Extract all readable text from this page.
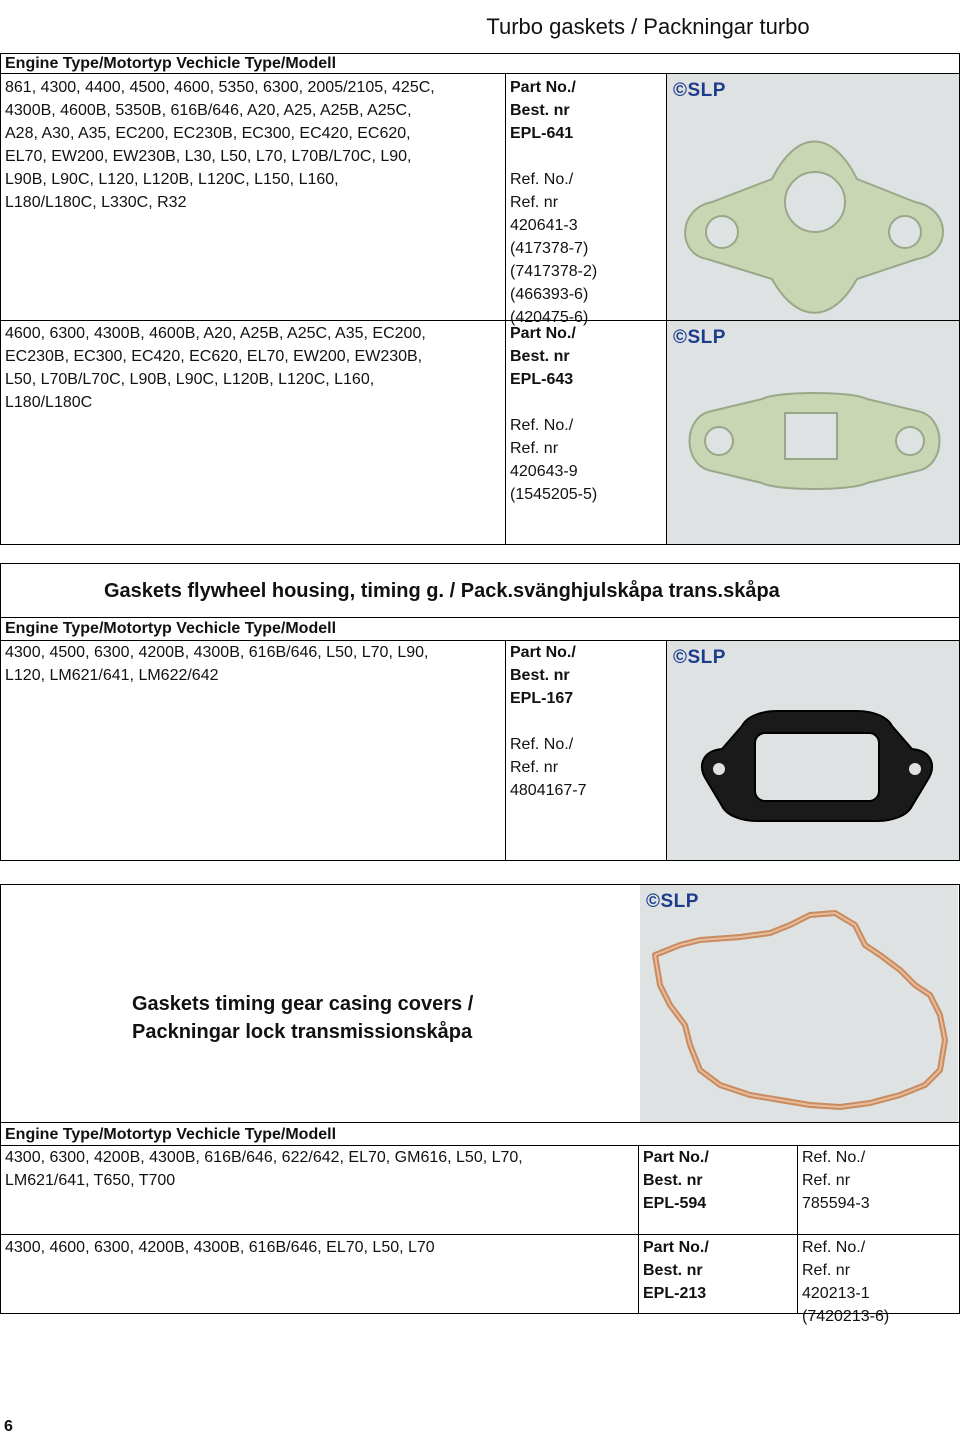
Turbo gaskets / Packningar turbo
Engine Type/Motortyp Vechicle Type/Modell
861, 4300, 4400, 4500, 4600, 5350, 6300, 2005/2105, 425C,
4300B, 4600B, 5350B, 616B/646, A20, A25, A25B, A25C,
A28, A30, A35, EC200, EC230B, EC300, EC420, EC620,
EL70, EW200, EW230B, L30, L50, L70, L70B/L70C, L90,
L90B, L90C, L120, L120B, L120C, L150, L160,
L180/L180C, L330C, R32
Part No./
Best. nr
EPL-641

Ref. No./
Ref. nr
420641-3
(417378-7)
(7417378-2)
(466393-6)
(420475-6)
©SLP
4600, 6300, 4300B, 4600B, A20, A25B, A25C, A35, EC200,
EC230B, EC300, EC420, EC620, EL70, EW200, EW230B,
L50, L70B/L70C, L90B, L90C, L120B, L120C, L160,
L180/L180C
Part No./
Best. nr
EPL-643

Ref. No./
Ref. nr
420643-9
(1545205-5)
©SLP
Gaskets flywheel housing, timing g. / Pack.svänghjulskåpa trans.skåpa
Engine Type/Motortyp Vechicle Type/Modell
4300, 4500, 6300, 4200B, 4300B, 616B/646, L50, L70, L90,
L120, LM621/641, LM622/642
Part No./
Best. nr
EPL-167

Ref. No./
Ref. nr
4804167-7
©SLP
Gaskets timing gear casing covers /
Packningar lock transmissionskåpa
©SLP
Engine Type/Motortyp Vechicle Type/Modell
4300, 6300, 4200B, 4300B, 616B/646, 622/642, EL70, GM616, L50, L70,
LM621/641, T650, T700
Part No./
Best. nr
EPL-594
Ref. No./
Ref. nr
785594-3
4300, 4600, 6300, 4200B, 4300B, 616B/646, EL70, L50, L70	Part No./
Best. nr
EPL-213
Ref. No./
Ref. nr
420213-1
(7420213-6)
6
